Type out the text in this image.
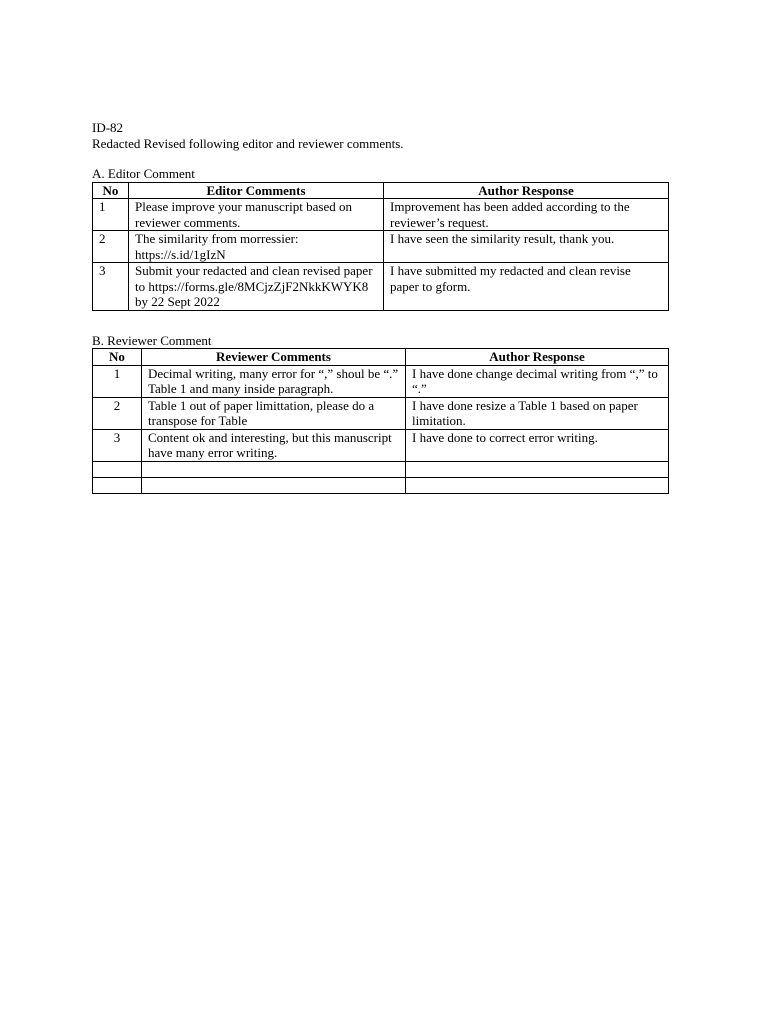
ID-82

Redacted Revised following editor and reviewer comments.

A. Editor Comment

No	Editor Comments	Author Response
1	Please improve your manuscript based on reviewer comments.	Improvement has been added according to the reviewer’s request.
2	The similarity from morressier: https://s.id/1gIzN	I have seen the similarity result, thank you.
3	Submit your redacted and clean revised paper to https://forms.gle/8MCjzZjF2NkkKWYK8 by 22 Sept 2022	I have submitted my redacted and clean revise paper to gform.

B. Reviewer Comment

No	Reviewer Comments	Author Response
1	Decimal writing, many error for “,” shoul be “.” Table 1 and many inside paragraph.	I have done change decimal writing from “,” to “.”
2	Table 1 out of paper limittation, please do a transpose for Table	I have done resize a Table 1 based on paper limitation.
3	Content ok and interesting, but this manuscript have many error writing.	I have done to correct error writing.
